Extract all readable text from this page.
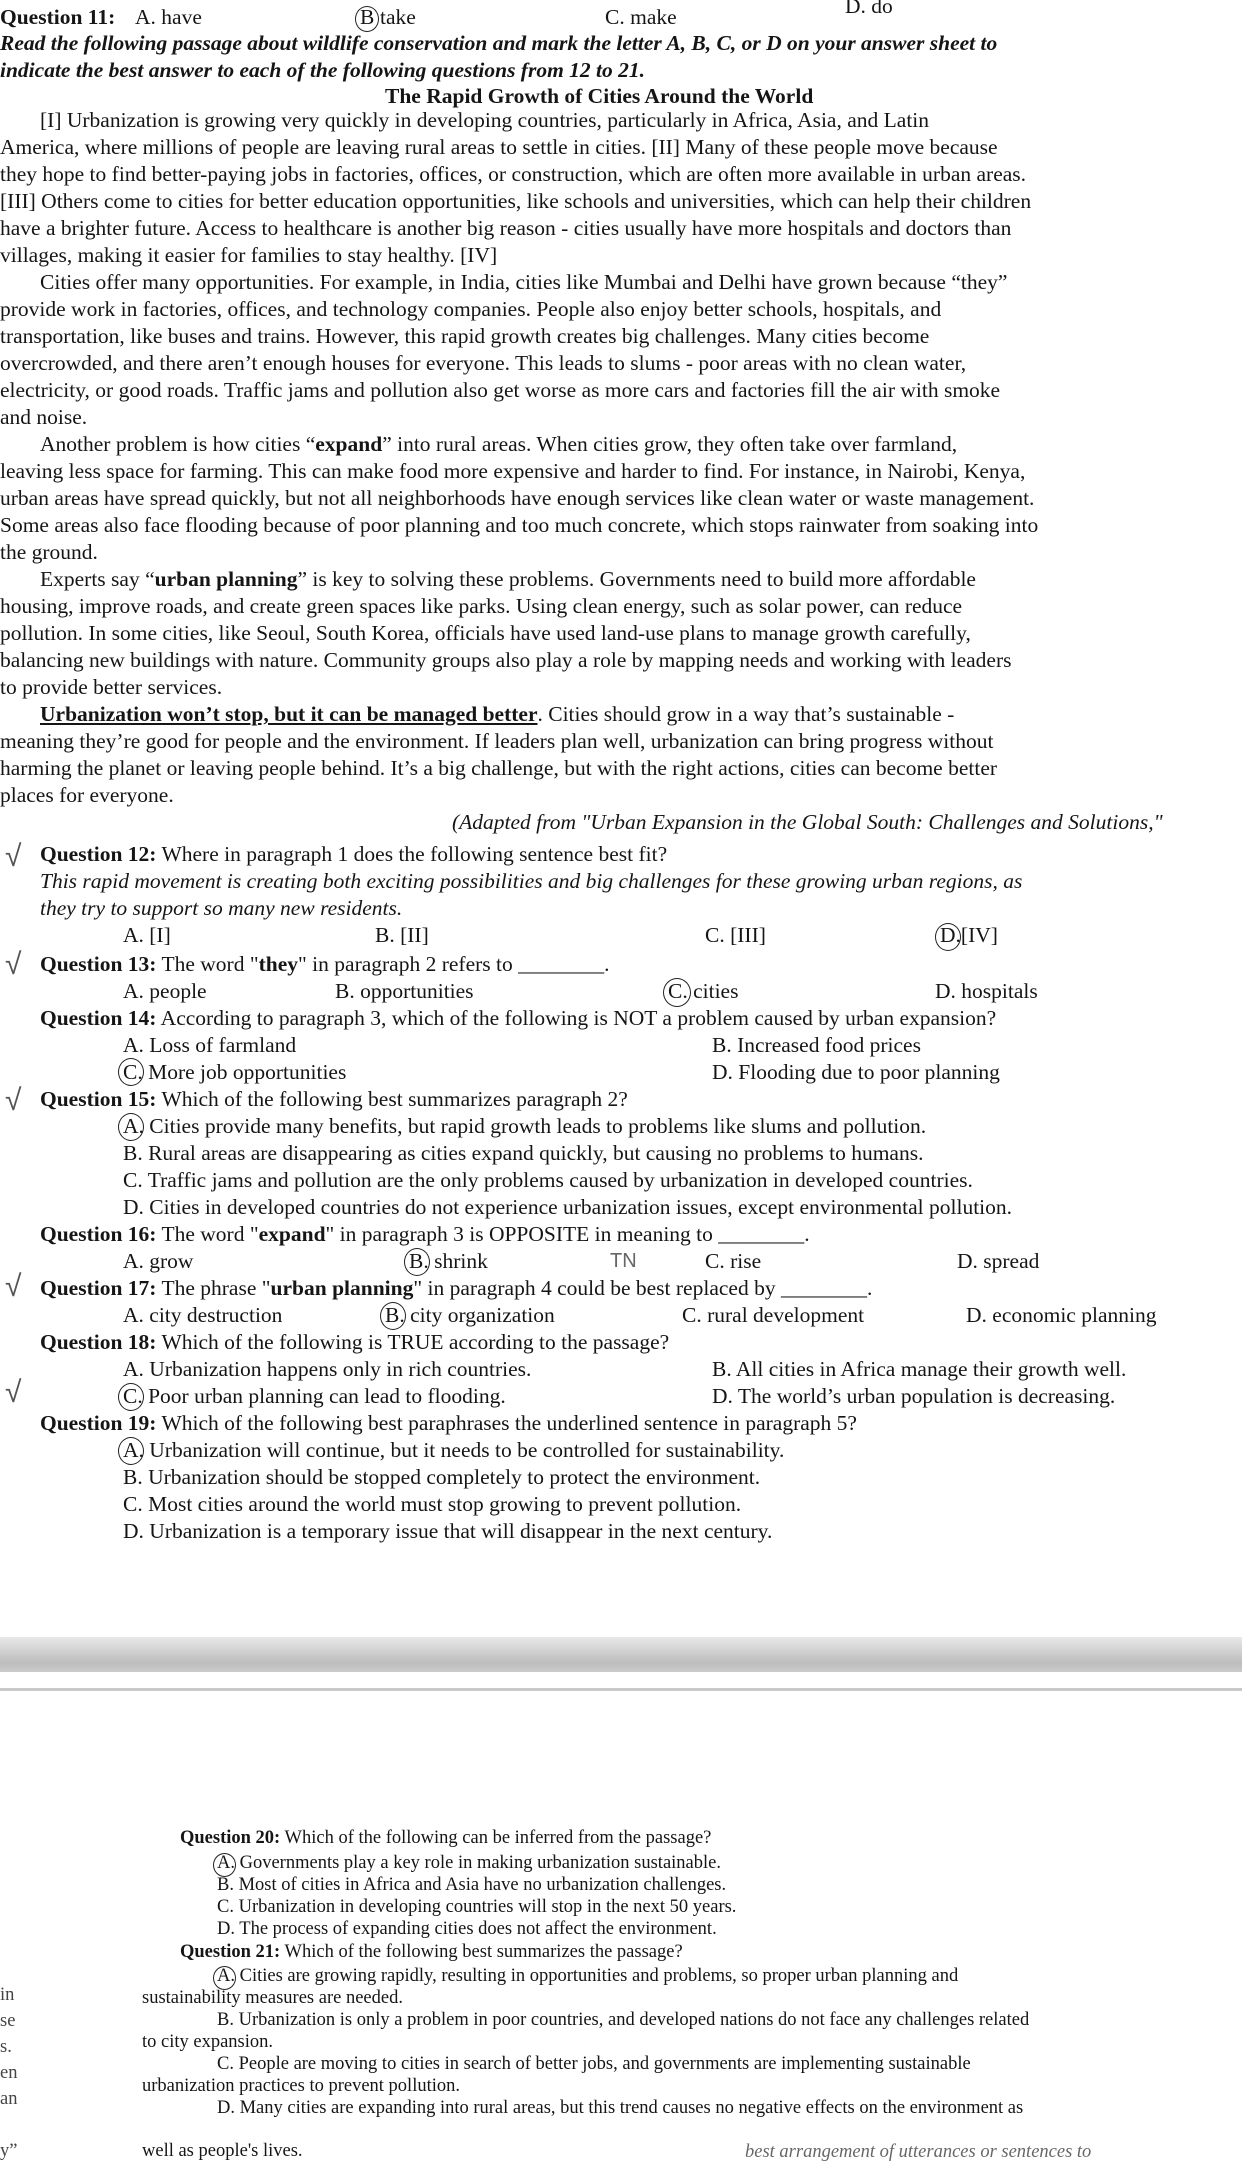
Question 11: A. have	take
B	C. make	D. do
Read the following passage about wildlife conservation and mark the letter A, B, C, or D on your answer sheet to
indicate the best answer to each of the following questions from 12 to 21.
The Rapid Growth of Cities Around the World
[I] Urbanization is growing very quickly in developing countries, particularly in Africa, Asia, and Latin
America, where millions of people are leaving rural areas to settle in cities. [II] Many of these people move because
they hope to find better-paying jobs in factories, offices, or construction, which are often more available in urban areas.
[III] Others come to cities for better education opportunities, like schools and universities, which can help their children
have a brighter future. Access to healthcare is another big reason - cities usually have more hospitals and doctors than
villages, making it easier for families to stay healthy. [IV]
Cities offer many opportunities. For example, in India, cities like Mumbai and Delhi have grown because “they”
provide work in factories, offices, and technology companies. People also enjoy better schools, hospitals, and
transportation, like buses and trains. However, this rapid growth creates big challenges. Many cities become
overcrowded, and there aren’t enough houses for everyone. This leads to slums - poor areas with no clean water,
electricity, or good roads. Traffic jams and pollution also get worse as more cars and factories fill the air with smoke
and noise.
Another problem is how cities “expand” into rural areas. When cities grow, they often take over farmland,
leaving less space for farming. This can make food more expensive and harder to find. For instance, in Nairobi, Kenya,
urban areas have spread quickly, but not all neighborhoods have enough services like clean water or waste management.
Some areas also face flooding because of poor planning and too much concrete, which stops rainwater from soaking into
the ground.
Experts say “urban planning” is key to solving these problems. Governments need to build more affordable
housing, improve roads, and create green spaces like parks. Using clean energy, such as solar power, can reduce
pollution. In some cities, like Seoul, South Korea, officials have used land-use plans to manage growth carefully,
balancing new buildings with nature. Community groups also play a role by mapping needs and working with leaders
to provide better services.
Urbanization won’t stop, but it can be managed better. Cities should grow in a way that’s sustainable -
meaning they’re good for people and the environment. If leaders plan well, urbanization can bring progress without
harming the planet or leaving people behind. It’s a big challenge, but with the right actions, cities can become better
places for everyone.
(Adapted from "Urban Expansion in the Global South: Challenges and Solutions,"
√ Question 12: Where in paragraph 1 does the following sentence best fit?
This rapid movement is creating both exciting possibilities and big challenges for these growing urban regions, as
they try to support so many new residents.
A. [I]	B. [II]	C. [III]	D.[IV]
√ Question 13: The word "they" in paragraph 2 refers to ________.
A. people	B. opportunities	C. cities	D. hospitals
Question 14: According to paragraph 3, which of the following is NOT a problem caused by urban expansion?
A. Loss of farmland	B. Increased food prices
C. More job opportunities	D. Flooding due to poor planning
√ Question 15: Which of the following best summarizes paragraph 2?
A. Cities provide many benefits, but rapid growth leads to problems like slums and pollution.
B. Rural areas are disappearing as cities expand quickly, but causing no problems to humans.
C. Traffic jams and pollution are the only problems caused by urbanization in developed countries.
D. Cities in developed countries do not experience urbanization issues, except environmental pollution.
Question 16: The word "expand" in paragraph 3 is OPPOSITE in meaning to ________.
A. grow	B. shrink	TN	C. rise	D. spread
√ Question 17: The phrase "urban planning" in paragraph 4 could be best replaced by ________.
A. city destruction	B. city organization	C. rural development	D. economic planning
Question 18: Which of the following is TRUE according to the passage?
A. Urbanization happens only in rich countries.	B. All cities in Africa manage their growth well.
C. Poor urban planning can lead to flooding.	D. The world’s urban population is decreasing.
√
Question 19: Which of the following best paraphrases the underlined sentence in paragraph 5?
A. Urbanization will continue, but it needs to be controlled for sustainability.
B. Urbanization should be stopped completely to protect the environment.
C. Most cities around the world must stop growing to prevent pollution.
D. Urbanization is a temporary issue that will disappear in the next century.
in
se
s.
en
an
y”
Question 20: Which of the following can be inferred from the passage?
A. Governments play a key role in making urbanization sustainable.
B. Most of cities in Africa and Asia have no urbanization challenges.
C. Urbanization in developing countries will stop in the next 50 years.
D. The process of expanding cities does not affect the environment.
Question 21: Which of the following best summarizes the passage?
A. Cities are growing rapidly, resulting in opportunities and problems, so proper urban planning and
sustainability measures are needed.
B. Urbanization is only a problem in poor countries, and developed nations do not face any challenges related
to city expansion.
C. People are moving to cities in search of better jobs, and governments are implementing sustainable
urbanization practices to prevent pollution.
D. Many cities are expanding into rural areas, but this trend causes no negative effects on the environment as
well as people's lives.	best arrangement of utterances or sentences to
